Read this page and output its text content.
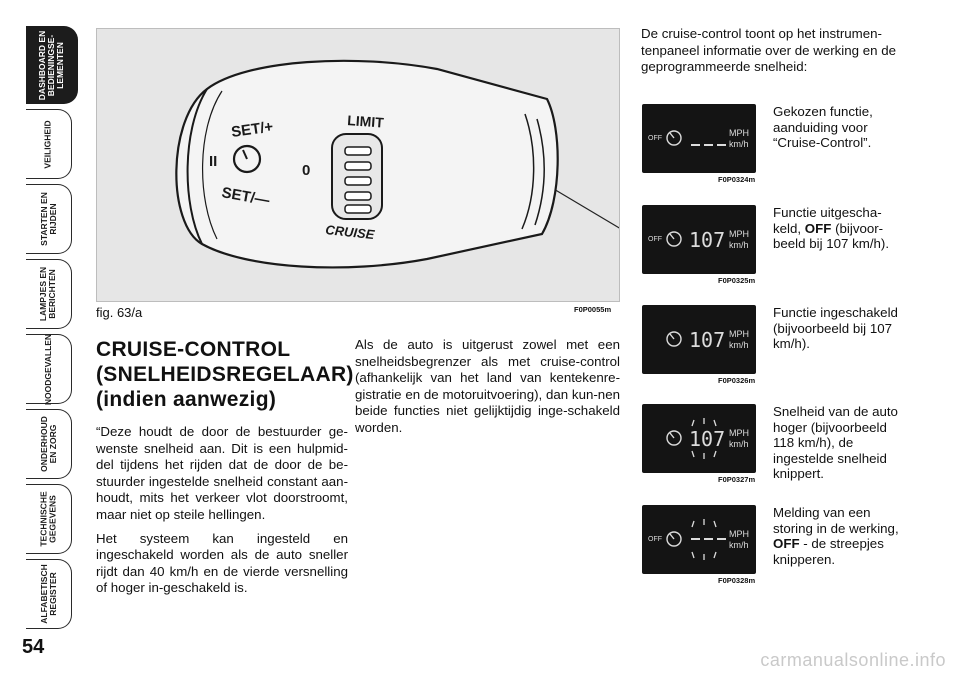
DASHBOARD EN
BEDIENINGSE-
LEMENTEN
VEILIGHEID
STARTEN EN
RIJDEN
LAMPJES EN
BERICHTEN
NOODGEVALLEN
ONDERHOUD
EN ZORG
TECHNISCHE
GEGEVENS
ALFABETISCH
REGISTER
54
SET/+
SET/—
II
0
LIMIT
CRUISE
fig. 63/a	F0P0055m
CRUISE-CONTROL (SNELHEIDSREGELAAR) (indien aanwezig)

“Deze houdt de door de bestuurder ge-wenste snelheid aan. Dit is een hulpmid-del tijdens het rijden dat de door de be-stuurder ingestelde snelheid constant aan-houdt, mits het verkeer vlot doorstroomt, maar niet op steile hellingen.

Het systeem kan ingesteld en ingeschakeld worden als de auto sneller rijdt dan 40 km/h en de vierde versnelling of hoger in-geschakeld is.

Als de auto is uitgerust zowel met een snelheidsbegrenzer als met cruise-control (afhankelijk van het land van kentekenre-gistratie en de motoruitvoering), dan kun-nen beide functies niet gelijktijdig inge-schakeld worden.

De cruise-control toont op het instrumen-tenpaneel informatie over de werking en de geprogrammeerde snelheid:
OFF
MPH
km/h
F0P0324m
Gekozen functie, aanduiding voor “Cruise-Control”.
OFF 107 MPH
km/h
F0P0325m
Functie uitgescha-keld, OFF (bijvoor-beeld bij 107 km/h).
107 MPH
km/h
F0P0326m
Functie ingeschakeld (bijvoorbeeld bij 107 km/h).
107 MPH
km/h
F0P0327m
Snelheid van de auto hoger (bijvoorbeeld 118 km/h), de ingestelde snelheid knippert.
OFF
MPH
km/h
F0P0328m
Melding van een storing in de werking, OFF - de streepjes knipperen.
carmanualsonline.info
